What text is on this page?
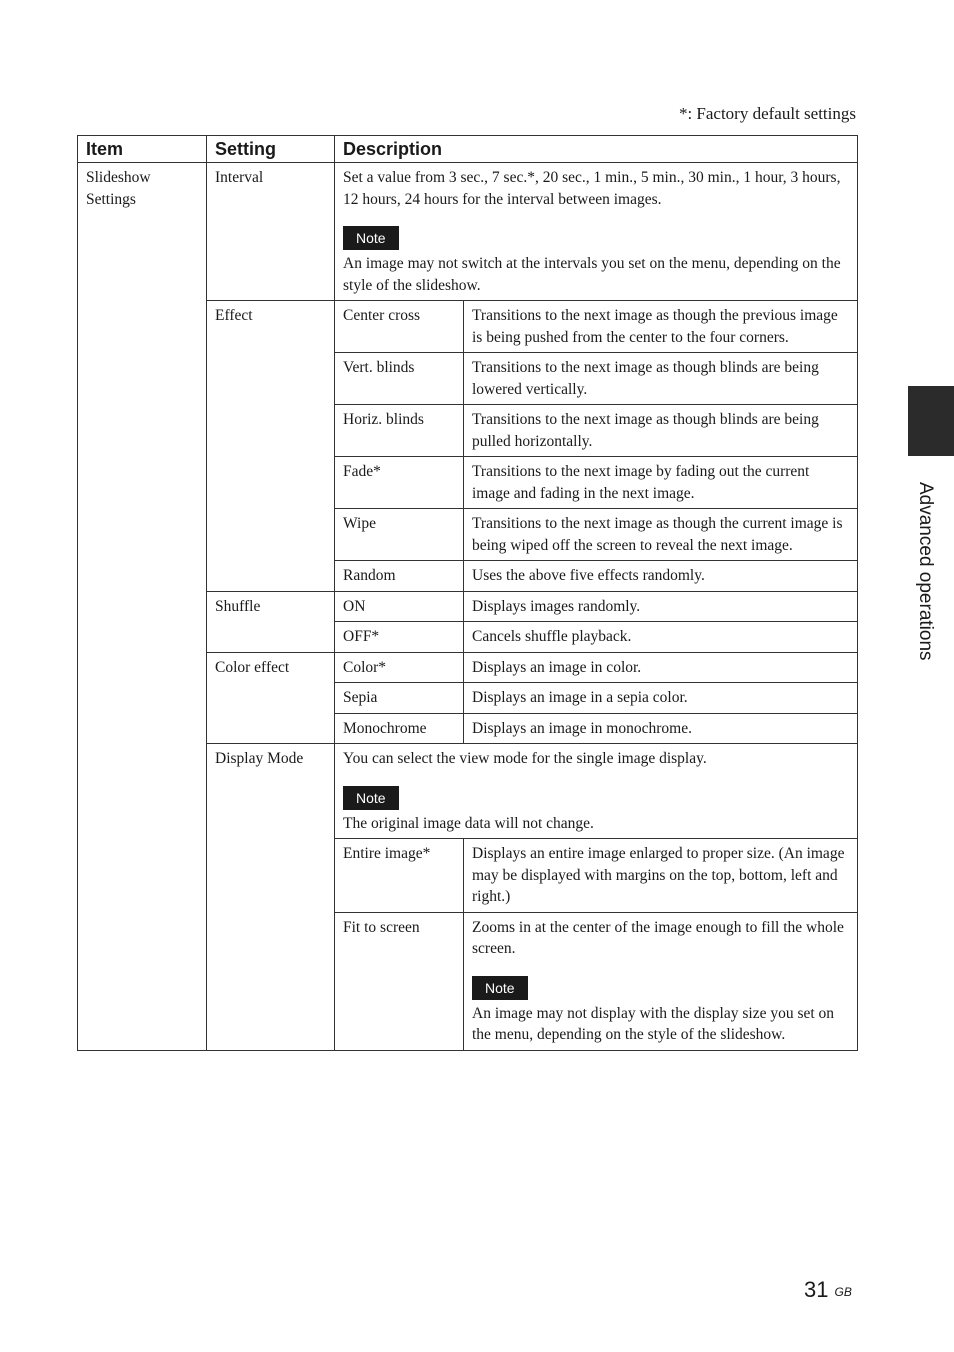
*: Factory default settings
Item	Setting	Description	
Slideshow Settings	Interval	Set a value from 3 sec., 7 sec.*, 20 sec., 1 min., 5 min., 30 min., 1 hour, 3 hours, 12 hours, 24 hours for the interval between images.
Note
An image may not switch at the intervals you set on the menu, depending on the style of the slideshow.	

	Effect	Center cross	Transitions to the next image as though the previous image is being pushed from the center to the four corners.
		Vert. blinds	Transitions to the next image as though blinds are being lowered vertically.
		Horiz. blinds	Transitions to the next image as though blinds are being pulled horizontally.
		Fade*	Transitions to the next image by fading out the current image and fading in the next image.
		Wipe	Transitions to the next image as though the current image is being wiped off the screen to reveal the next image.
		Random	Uses the above five effects randomly.
	Shuffle	ON	Displays images randomly.
		OFF*	Cancels shuffle playback.
	Color effect	Color*	Displays an image in color.
		Sepia	Displays an image in a sepia color.
		Monochrome	Displays an image in monochrome.
	Display Mode	You can select the view mode for the single image display.
Note
The original image data will not change.	

		Entire image*	Displays an entire image enlarged to proper size. (An image may be displayed with margins on the top, bottom, left and right.)
		Fit to screen	Zooms in at the center of the image enough to fill the whole screen.
Note
An image may not display with the display size you set on the menu, depending on the style of the slideshow.
Advanced operations
31 $^{GB}$
